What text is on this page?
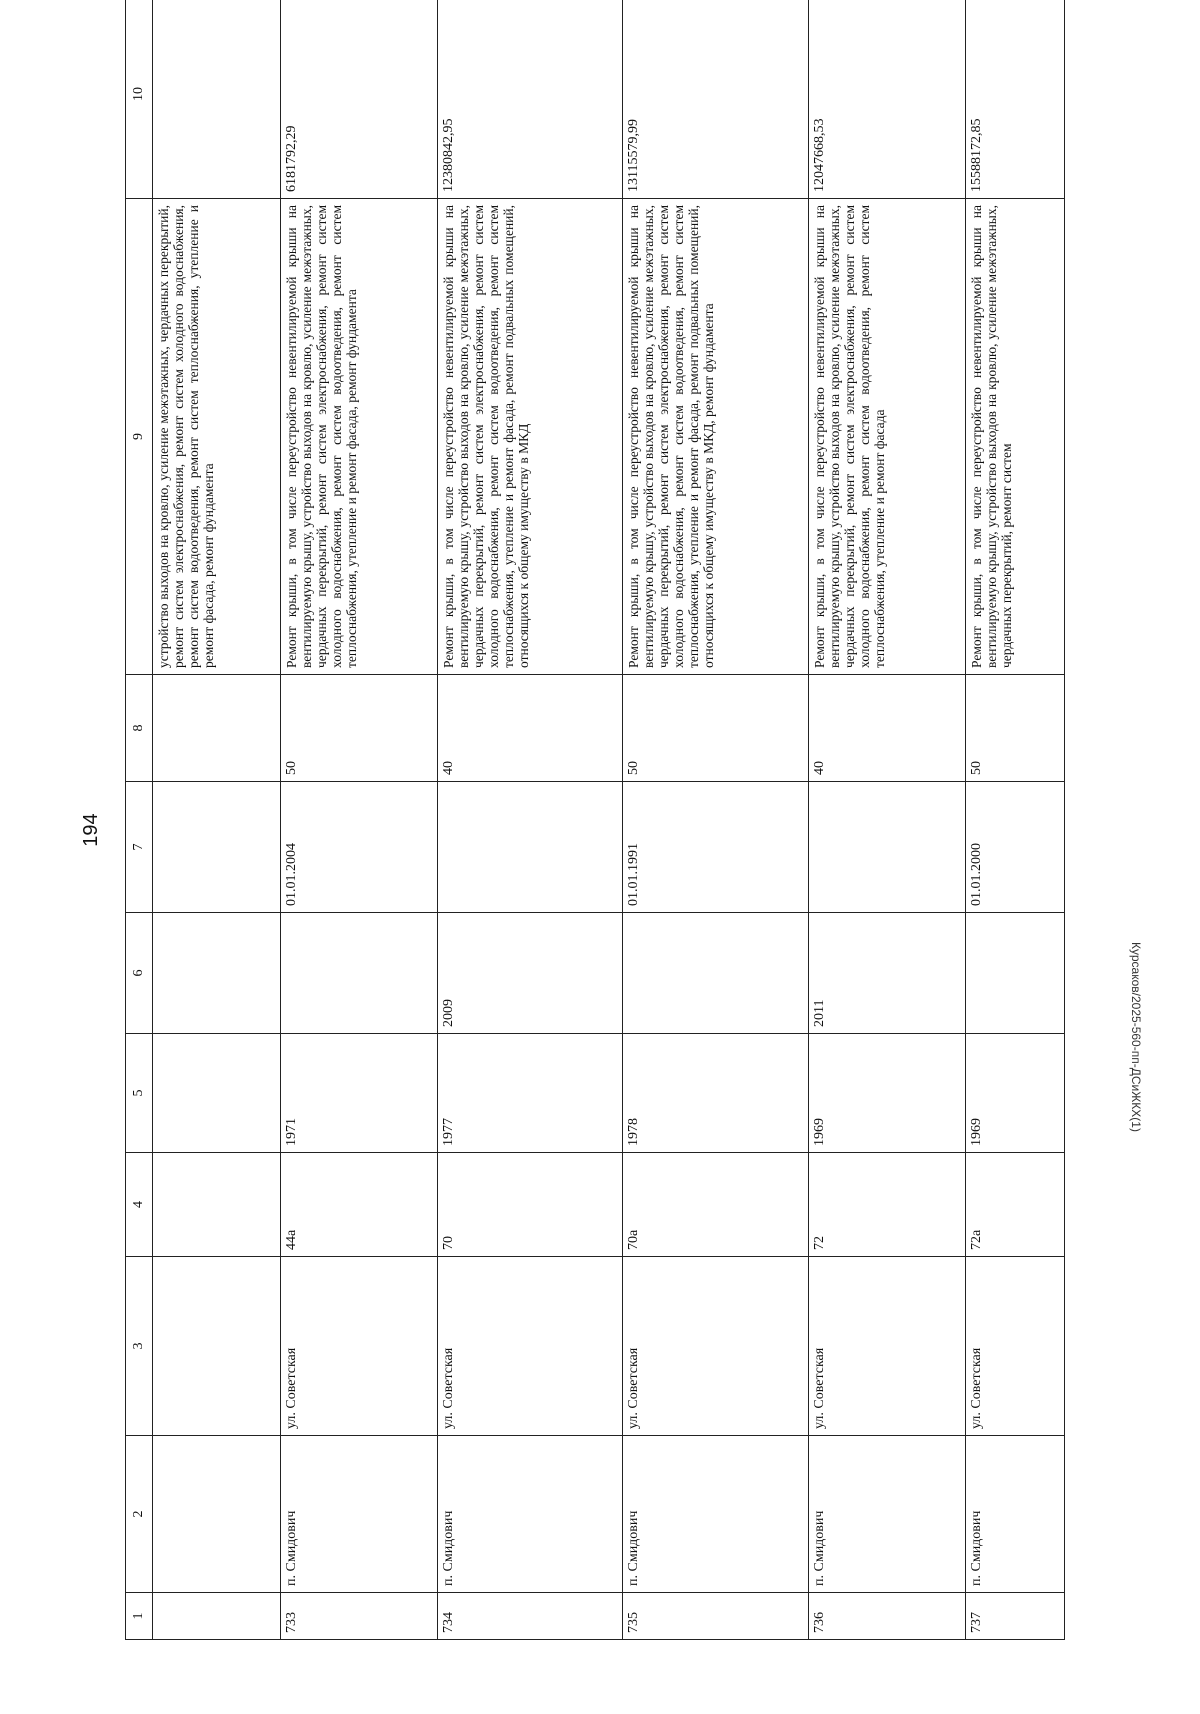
194
1	2	3	4	5	6	7	8	9	10
								устройство выходов на кровлю, усиление межэтажных, чердачных перекрытий, ремонт систем электроснабжения, ремонт систем холодного водоснабжения, ремонт систем водоотведения, ремонт систем теплоснабжения, утепление и ремонт фасада, ремонт фундамента	
733	п. Смидович	ул. Советская	44а	1971		01.01.2004	50	Ремонт крыши, в том числе переустройство невентилируемой крыши на вентилируемую крышу, устройство выходов на кровлю, усиление межэтажных, чердачных перекрытий, ремонт систем электроснабжения, ремонт систем холодного водоснабжения, ремонт систем водоотведения, ремонт систем теплоснабжения, утепление и ремонт фасада, ремонт фундамента	6181792,29
734	п. Смидович	ул. Советская	70	1977	2009		40	Ремонт крыши, в том числе переустройство невентилируемой крыши на вентилируемую крышу, устройство выходов на кровлю, усиление межэтажных, чердачных перекрытий, ремонт систем электроснабжения, ремонт систем холодного водоснабжения, ремонт систем водоотведения, ремонт систем теплоснабжения, утепление и ремонт фасада, ремонт подвальных помещений, относящихся к общему имуществу в МКД	12380842,95
735	п. Смидович	ул. Советская	70а	1978		01.01.1991	50	Ремонт крыши, в том числе переустройство невентилируемой крыши на вентилируемую крышу, устройство выходов на кровлю, усиление межэтажных, чердачных перекрытий, ремонт систем электроснабжения, ремонт систем холодного водоснабжения, ремонт систем водоотведения, ремонт систем теплоснабжения, утепление и ремонт фасада, ремонт подвальных помещений, относящихся к общему имуществу в МКД, ремонт фундамента	13115579,99
736	п. Смидович	ул. Советская	72	1969	2011		40	Ремонт крыши, в том числе переустройство невентилируемой крыши на вентилируемую крышу, устройство выходов на кровлю, усиление межэтажных, чердачных перекрытий, ремонт систем электроснабжения, ремонт систем холодного водоснабжения, ремонт систем водоотведения, ремонт систем теплоснабжения, утепление и ремонт фасада	12047668,53
737	п. Смидович	ул. Советская	72а	1969		01.01.2000	50	Ремонт крыши, в том числе переустройство невентилируемой крыши на вентилируемую крышу, устройство выходов на кровлю, усиление межэтажных, чердачных перекрытий, ремонт систем	15588172,85
Курсаков/2025-560-пп-ДСиЖКХ(1)
